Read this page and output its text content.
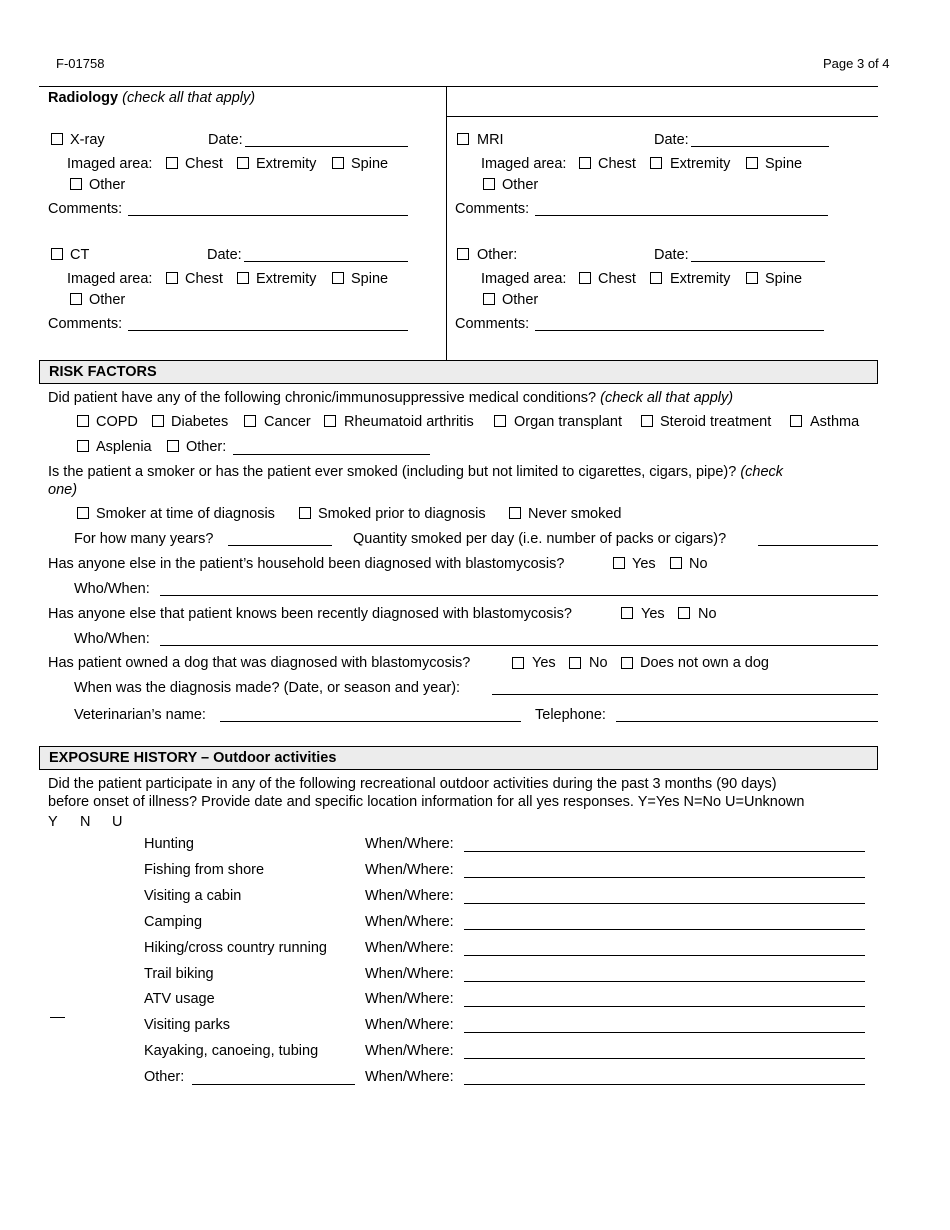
F-01758	Page 3 of 4
Radiology (check all that apply)
X-ray	Date:
Imaged area: Chest Extremity Spine
Other
Comments:
MRI	Date:
Imaged area: Chest Extremity Spine
Other
Comments:
CT	Date:
Imaged area: Chest Extremity Spine
Other
Comments:
Other:	Date:
Imaged area: Chest Extremity Spine
Other
Comments:
RISK FACTORS
Did patient have any of the following chronic/immunosuppressive medical conditions? (check all that apply)
COPD Diabetes Cancer Rheumatoid arthritis	Organ transplant	Steroid treatment	Asthma
Asplenia Other:
Is the patient a smoker or has the patient ever smoked (including but not limited to cigarettes, cigars, pipe)? (check
one)
Smoker at time of diagnosis	Smoked prior to diagnosis	Never smoked
For how many years?	Quantity smoked per day (i.e. number of packs or cigars)?
Has anyone else in the patient’s household been diagnosed with blastomycosis?	Yes No
Who/When:
Has anyone else that patient knows been recently diagnosed with blastomycosis?	Yes No
Who/When:
Has patient owned a dog that was diagnosed with blastomycosis?	Yes No Does not own a dog
When was the diagnosis made? (Date, or season and year):
Veterinarian’s name:	Telephone:
EXPOSURE HISTORY – Outdoor activities
Did the patient participate in any of the following recreational outdoor activities during the past 3 months (90 days)
before onset of illness? Provide date and specific location information for all yes responses. Y=Yes N=No U=Unknown
Y N U
Hunting	When/Where:
Fishing from shore	When/Where:
Visiting a cabin	When/Where:
Camping	When/Where:
Hiking/cross country running	When/Where:
Trail biking	When/Where:
ATV usage	When/Where:
Visiting parks	When/Where:
Kayaking, canoeing, tubing	When/Where:
Other:	When/Where:
